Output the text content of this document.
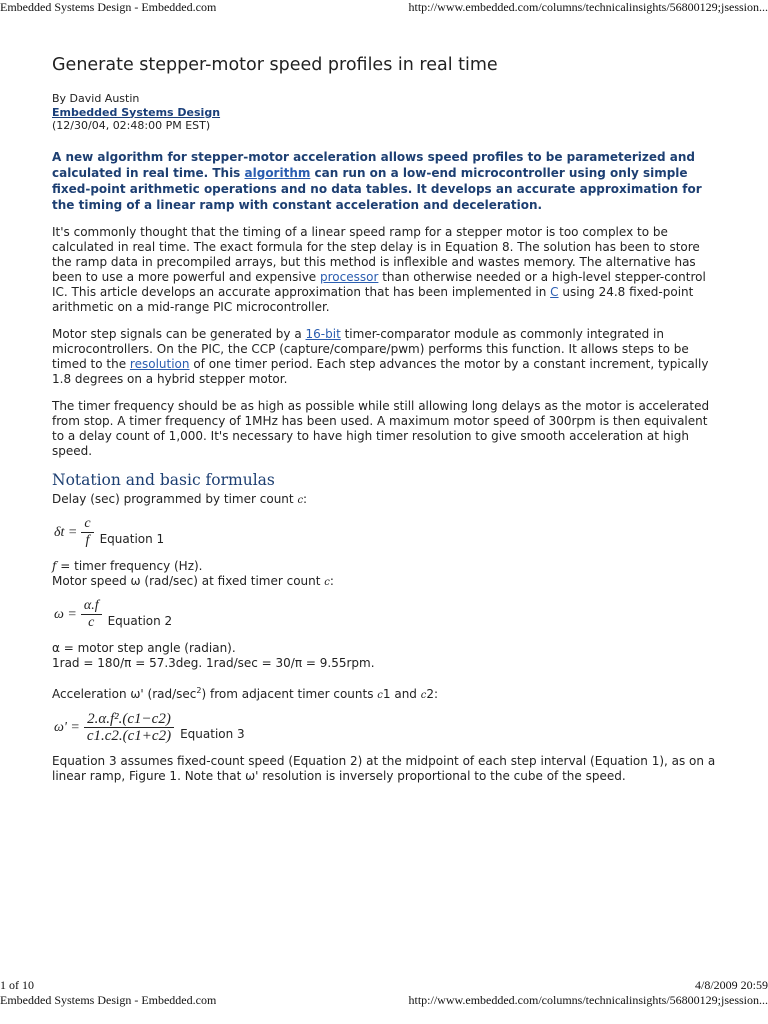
Embedded Systems Design - Embedded.com	http://www.embedded.com/columns/technicalinsights/56800129;jsession...
Generate stepper-motor speed profiles in real time
By David Austin
Embedded Systems Design
(12/30/04, 02:48:00 PM EST)

A new algorithm for stepper-motor acceleration allows speed profiles to be parameterized and calculated in real time. This algorithm can run on a low-end microcontroller using only simple fixed-point arithmetic operations and no data tables. It develops an accurate approximation for the timing of a linear ramp with constant acceleration and deceleration.

It's commonly thought that the timing of a linear speed ramp for a stepper motor is too complex to be calculated in real time. The exact formula for the step delay is in Equation 8. The solution has been to store the ramp data in precompiled arrays, but this method is inflexible and wastes memory. The alternative has been to use a more powerful and expensive processor than otherwise needed or a high-level stepper-control IC. This article develops an accurate approximation that has been implemented in C using 24.8 fixed-point arithmetic on a mid-range PIC microcontroller.

Motor step signals can be generated by a 16-bit timer-comparator module as commonly integrated in microcontrollers. On the PIC, the CCP (capture/compare/pwm) performs this function. It allows steps to be timed to the resolution of one timer period. Each step advances the motor by a constant increment, typically 1.8 degrees on a hybrid stepper motor.

The timer frequency should be as high as possible while still allowing long delays as the motor is accelerated from stop. A timer frequency of 1MHz has been used. A maximum motor speed of 300rpm is then equivalent to a delay count of 1,000. It's necessary to have high timer resolution to give smooth acceleration at high speed.

Notation and basic formulas
Delay (sec) programmed by timer count c:
$\delta t = \frac{c}{f}$ Equation 1
f = timer frequency (Hz).
Motor speed ω (rad/sec) at fixed timer count c:
$\omega = \frac{\alpha.f}{c}$ Equation 2
α = motor step angle (radian).
1rad = 180/π = 57.3deg. 1rad/sec = 30/π = 9.55rpm.
Acceleration ω' $(rad/\sec^2)$ from adjacent timer counts c1 and c2:
$\omega' = \frac{\text{2.α.f².(c1−c2)}}{c1.c2.(c1+c2)}$ Equation 3

Equation 3 assumes fixed-count speed (Equation 2) at the midpoint of each step interval (Equation 1), as on a linear ramp, Figure 1. Note that ω' resolution is inversely proportional to the cube of the speed.

1 of 10	4/8/2009 20:59
Embedded Systems Design - Embedded.com	http://www.embedded.com/columns/technicalinsights/56800129;jsession...
